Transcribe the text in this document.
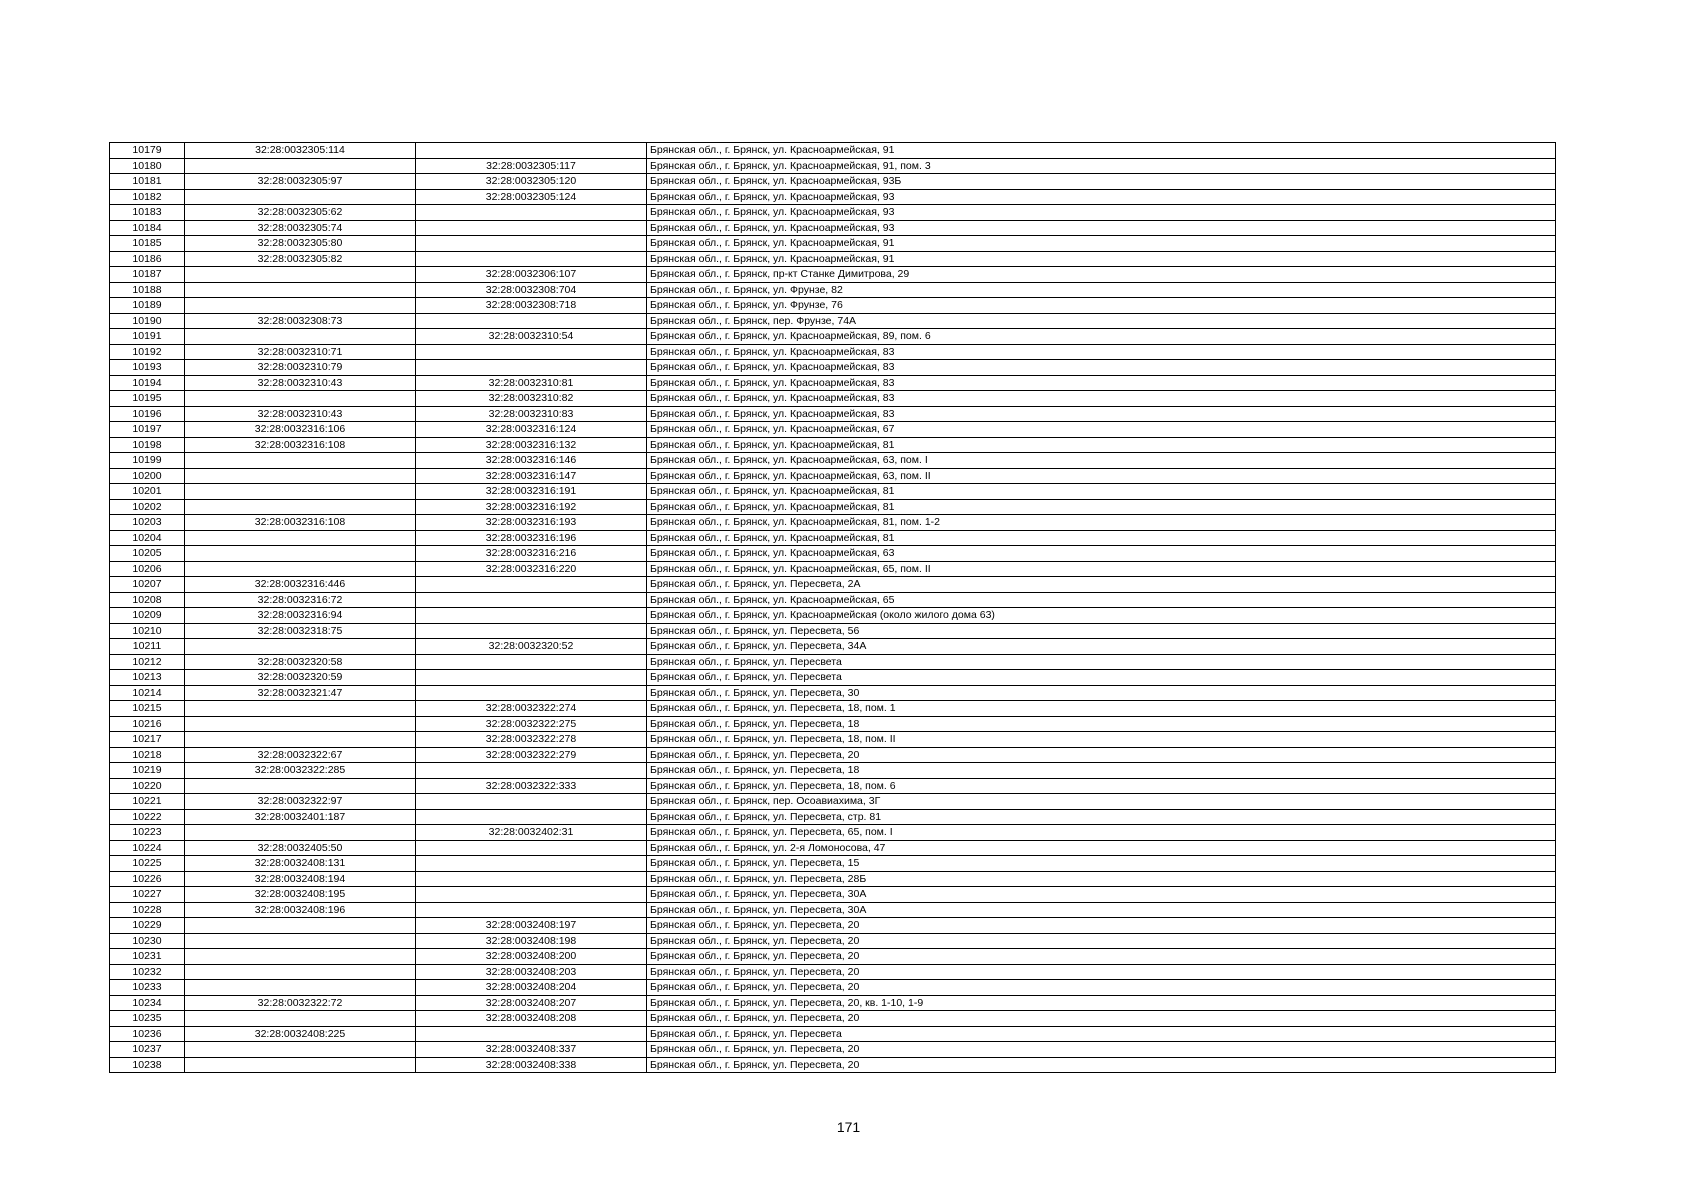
10179	32:28:0032305:114		Брянская обл., г. Брянск, ул. Красноармейская, 91
10180		32:28:0032305:117	Брянская обл., г. Брянск, ул. Красноармейская, 91, пом. 3
10181	32:28:0032305:97	32:28:0032305:120	Брянская обл., г. Брянск, ул. Красноармейская, 93Б
10182		32:28:0032305:124	Брянская обл., г. Брянск, ул. Красноармейская, 93
10183	32:28:0032305:62		Брянская обл., г. Брянск, ул. Красноармейская, 93
10184	32:28:0032305:74		Брянская обл., г. Брянск, ул. Красноармейская, 93
10185	32:28:0032305:80		Брянская обл., г. Брянск, ул. Красноармейская, 91
10186	32:28:0032305:82		Брянская обл., г. Брянск, ул. Красноармейская, 91
10187		32:28:0032306:107	Брянская обл., г. Брянск, пр-кт Станке Димитрова, 29
10188		32:28:0032308:704	Брянская обл., г. Брянск, ул. Фрунзе, 82
10189		32:28:0032308:718	Брянская обл., г. Брянск, ул. Фрунзе, 76
10190	32:28:0032308:73		Брянская обл., г. Брянск, пер. Фрунзе, 74А
10191		32:28:0032310:54	Брянская обл., г. Брянск, ул. Красноармейская, 89, пом. 6
10192	32:28:0032310:71		Брянская обл., г. Брянск, ул. Красноармейская, 83
10193	32:28:0032310:79		Брянская обл., г. Брянск, ул. Красноармейская, 83
10194	32:28:0032310:43	32:28:0032310:81	Брянская обл., г. Брянск, ул. Красноармейская, 83
10195		32:28:0032310:82	Брянская обл., г. Брянск, ул. Красноармейская, 83
10196	32:28:0032310:43	32:28:0032310:83	Брянская обл., г. Брянск, ул. Красноармейская, 83
10197	32:28:0032316:106	32:28:0032316:124	Брянская обл., г. Брянск, ул. Красноармейская, 67
10198	32:28:0032316:108	32:28:0032316:132	Брянская обл., г. Брянск, ул. Красноармейская, 81
10199		32:28:0032316:146	Брянская обл., г. Брянск, ул. Красноармейская, 63, пом. I
10200		32:28:0032316:147	Брянская обл., г. Брянск, ул. Красноармейская, 63, пом. II
10201		32:28:0032316:191	Брянская обл., г. Брянск, ул. Красноармейская, 81
10202		32:28:0032316:192	Брянская обл., г. Брянск, ул. Красноармейская, 81
10203	32:28:0032316:108	32:28:0032316:193	Брянская обл., г. Брянск, ул. Красноармейская, 81, пом. 1-2
10204		32:28:0032316:196	Брянская обл., г. Брянск, ул. Красноармейская, 81
10205		32:28:0032316:216	Брянская обл., г. Брянск, ул. Красноармейская, 63
10206		32:28:0032316:220	Брянская обл., г. Брянск, ул. Красноармейская, 65, пом. II
10207	32:28:0032316:446		Брянская обл., г. Брянск, ул. Пересвета, 2А
10208	32:28:0032316:72		Брянская обл., г. Брянск, ул. Красноармейская, 65
10209	32:28:0032316:94		Брянская обл., г. Брянск, ул. Красноармейская (около жилого дома 63)
10210	32:28:0032318:75		Брянская обл., г. Брянск, ул. Пересвета, 56
10211		32:28:0032320:52	Брянская обл., г. Брянск, ул. Пересвета, 34А
10212	32:28:0032320:58		Брянская обл., г. Брянск, ул. Пересвета
10213	32:28:0032320:59		Брянская обл., г. Брянск, ул. Пересвета
10214	32:28:0032321:47		Брянская обл., г. Брянск, ул. Пересвета, 30
10215		32:28:0032322:274	Брянская обл., г. Брянск, ул. Пересвета, 18, пом. 1
10216		32:28:0032322:275	Брянская обл., г. Брянск, ул. Пересвета, 18
10217		32:28:0032322:278	Брянская обл., г. Брянск, ул. Пересвета, 18, пом. II
10218	32:28:0032322:67	32:28:0032322:279	Брянская обл., г. Брянск, ул. Пересвета, 20
10219	32:28:0032322:285		Брянская обл., г. Брянск, ул. Пересвета, 18
10220		32:28:0032322:333	Брянская обл., г. Брянск, ул. Пересвета, 18, пом. 6
10221	32:28:0032322:97		Брянская обл., г. Брянск, пер. Осоавиахима, 3Г
10222	32:28:0032401:187		Брянская обл., г. Брянск, ул. Пересвета, стр. 81
10223		32:28:0032402:31	Брянская обл., г. Брянск, ул. Пересвета, 65, пом. I
10224	32:28:0032405:50		Брянская обл., г. Брянск, ул. 2-я Ломоносова, 47
10225	32:28:0032408:131		Брянская обл., г. Брянск, ул. Пересвета, 15
10226	32:28:0032408:194		Брянская обл., г. Брянск, ул. Пересвета, 28Б
10227	32:28:0032408:195		Брянская обл., г. Брянск, ул. Пересвета, 30А
10228	32:28:0032408:196		Брянская обл., г. Брянск, ул. Пересвета, 30А
10229		32:28:0032408:197	Брянская обл., г. Брянск, ул. Пересвета, 20
10230		32:28:0032408:198	Брянская обл., г. Брянск, ул. Пересвета, 20
10231		32:28:0032408:200	Брянская обл., г. Брянск, ул. Пересвета, 20
10232		32:28:0032408:203	Брянская обл., г. Брянск, ул. Пересвета, 20
10233		32:28:0032408:204	Брянская обл., г. Брянск, ул. Пересвета, 20
10234	32:28:0032322:72	32:28:0032408:207	Брянская обл., г. Брянск, ул. Пересвета, 20, кв. 1-10, 1-9
10235		32:28:0032408:208	Брянская обл., г. Брянск, ул. Пересвета, 20
10236	32:28:0032408:225		Брянская обл., г. Брянск, ул. Пересвета
10237		32:28:0032408:337	Брянская обл., г. Брянск, ул. Пересвета, 20
10238		32:28:0032408:338	Брянская обл., г. Брянск, ул. Пересвета, 20
171
